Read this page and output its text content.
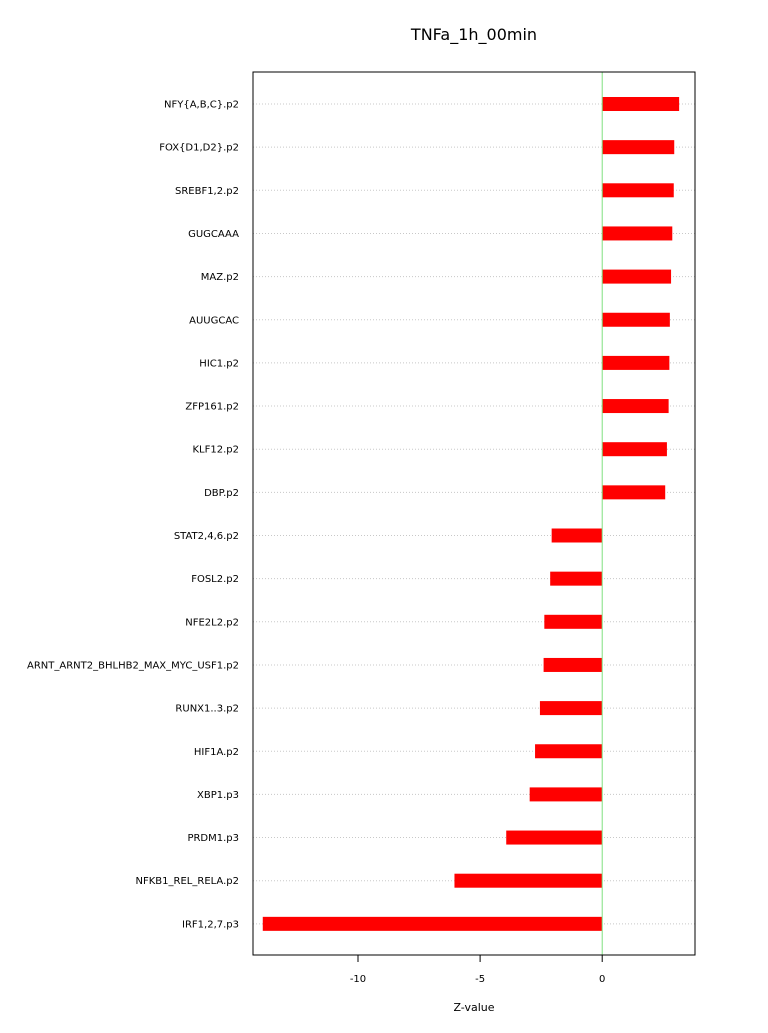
TNFa_1h_00min
NFY{A,B,C}.p2
FOX{D1,D2}.p2
SREBF1,2.p2
GUGCAAA
MAZ.p2
AUUGCAC
HIC1.p2
ZFP161.p2
KLF12.p2
DBP.p2
STAT2,4,6.p2
FOSL2.p2
NFE2L2.p2
ARNT_ARNT2_BHLHB2_MAX_MYC_USF1.p2
RUNX1..3.p2
HIF1A.p2
XBP1.p3
PRDM1.p3
NFKB1_REL_RELA.p2
IRF1,2,7.p3
-10	-5	0
Z-value
